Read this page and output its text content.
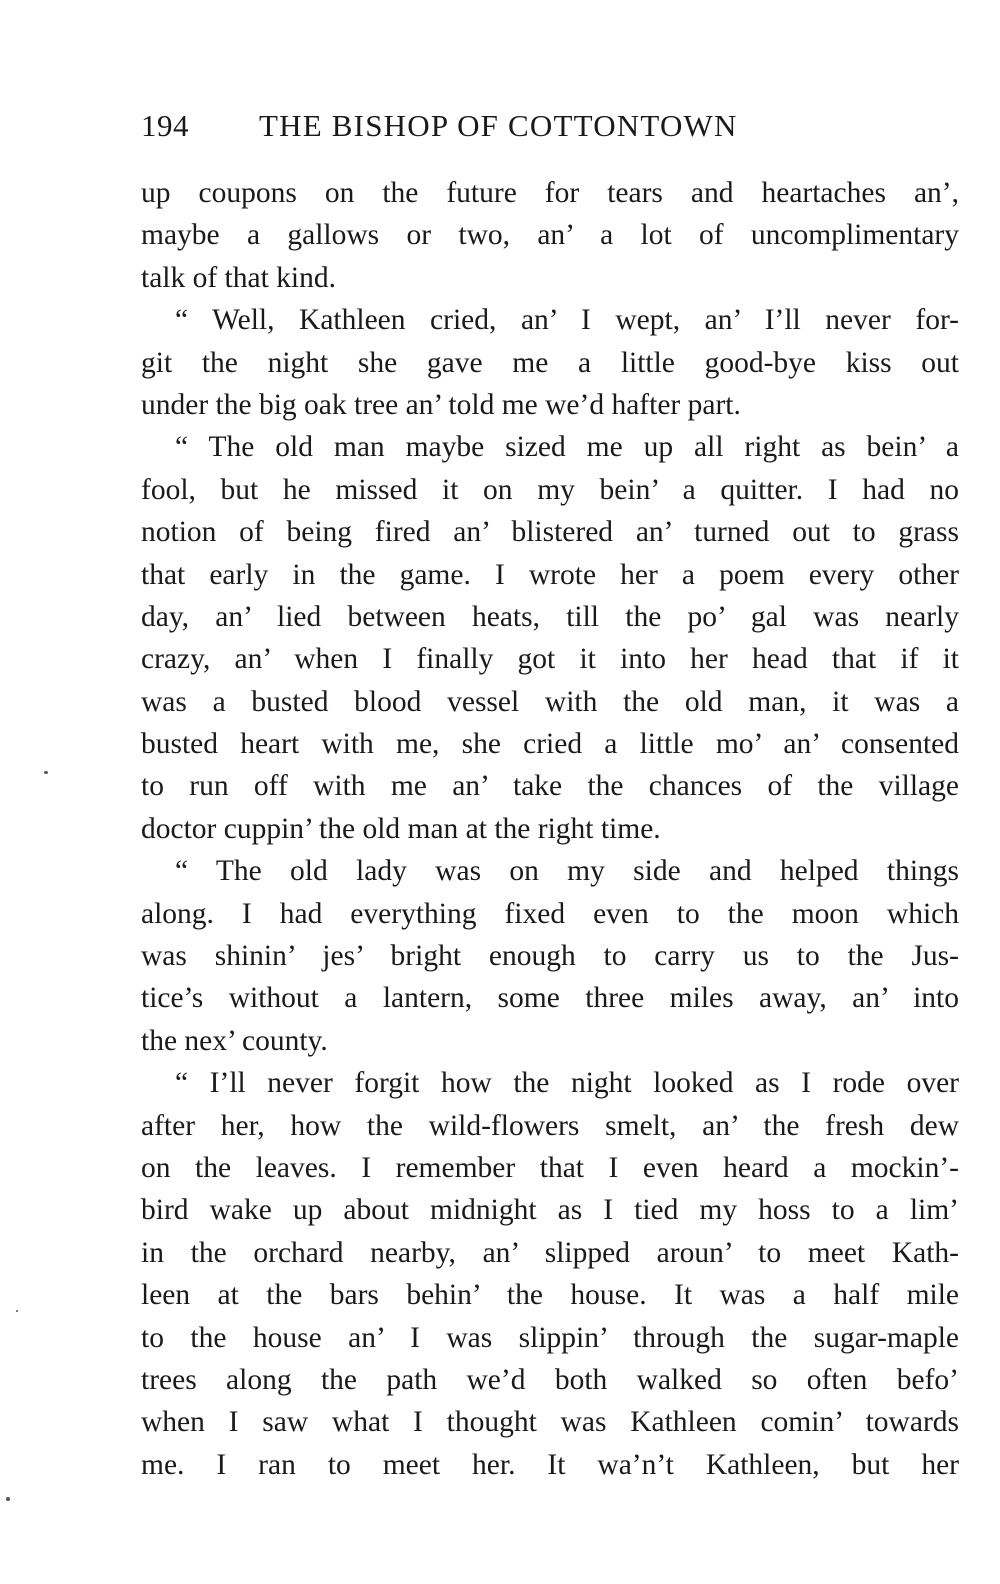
194	THE BISHOP OF COTTONTOWN
up coupons on the future for tears and heartaches an’,
maybe a gallows or two, an’ a lot of uncomplimentary
talk of that kind.
“ Well, Kathleen cried, an’ I wept, an’ I’ll never for-
git the night she gave me a little good-bye kiss out
under the big oak tree an’ told me we’d hafter part.
“ The old man maybe sized me up all right as bein’ a
fool, but he missed it on my bein’ a quitter. I had no
notion of being fired an’ blistered an’ turned out to grass
that early in the game. I wrote her a poem every other
day, an’ lied between heats, till the po’ gal was nearly
crazy, an’ when I finally got it into her head that if it
was a busted blood vessel with the old man, it was a
busted heart with me, she cried a little mo’ an’ consented
to run off with me an’ take the chances of the village
doctor cuppin’ the old man at the right time.
“ The old lady was on my side and helped things
along. I had everything fixed even to the moon which
was shinin’ jes’ bright enough to carry us to the Jus-
tice’s without a lantern, some three miles away, an’ into
the nex’ county.
“ I’ll never forgit how the night looked as I rode over
after her, how the wild-flowers smelt, an’ the fresh dew
on the leaves. I remember that I even heard a mockin’-
bird wake up about midnight as I tied my hoss to a lim’
in the orchard nearby, an’ slipped aroun’ to meet Kath-
leen at the bars behin’ the house. It was a half mile
to the house an’ I was slippin’ through the sugar-maple
trees along the path we’d both walked so often befo’
when I saw what I thought was Kathleen comin’ towards
me. I ran to meet her. It wa’n’t Kathleen, but her
